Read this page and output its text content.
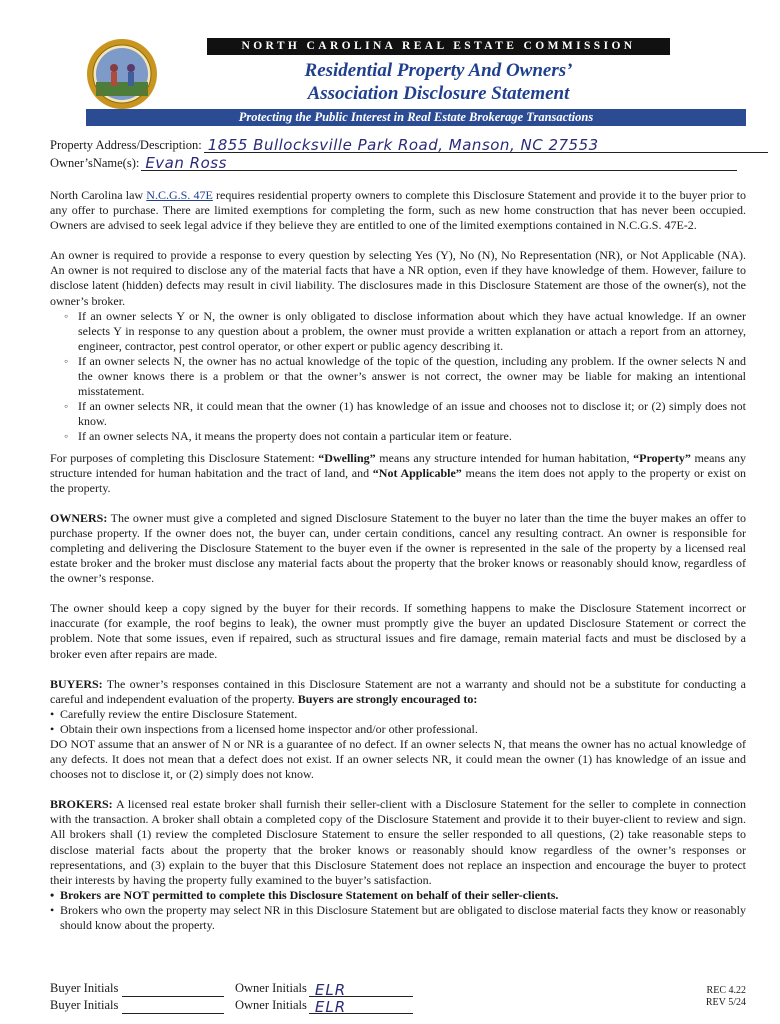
NORTH CAROLINA REAL ESTATE COMMISSION
Residential Property And Owners’
Association Disclosure Statement
Protecting the Public Interest in Real Estate Brokerage Transactions
Property Address/Description: 1855 Bullocksville Park Road, Manson, NC 27553
Owner’sName(s): Evan Ross

North Carolina law N.C.G.S. 47E requires residential property owners to complete this Disclosure Statement and provide it to the buyer prior to any offer to purchase. There are limited exemptions for completing the form, such as new home construction that has never been occupied. Owners are advised to seek legal advice if they believe they are entitled to one of the limited exemptions contained in N.C.G.S. 47E-2.

An owner is required to provide a response to every question by selecting Yes (Y), No (N), No Representation (NR), or Not Applicable (NA). An owner is not required to disclose any of the material facts that have a NR option, even if they have knowledge of them. However, failure to disclose latent (hidden) defects may result in civil liability. The disclosures made in this Disclosure Statement are those of the owner(s), not the owner’s broker.

◦ If an owner selects Y or N, the owner is only obligated to disclose information about which they have actual knowledge. If an owner selects Y in response to any question about a problem, the owner must provide a written explanation or attach a report from an attorney, engineer, contractor, pest control operator, or other expert or public agency describing it.
◦ If an owner selects N, the owner has no actual knowledge of the topic of the question, including any problem. If the owner selects N and the owner knows there is a problem or that the owner’s answer is not correct, the owner may be liable for making an intentional misstatement.
◦ If an owner selects NR, it could mean that the owner (1) has knowledge of an issue and chooses not to disclose it; or (2) simply does not know.
◦ If an owner selects NA, it means the property does not contain a particular item or feature.

For purposes of completing this Disclosure Statement: “Dwelling” means any structure intended for human habitation, “Property” means any structure intended for human habitation and the tract of land, and “Not Applicable” means the item does not apply to the property or exist on the property.

OWNERS: The owner must give a completed and signed Disclosure Statement to the buyer no later than the time the buyer makes an offer to purchase property. If the owner does not, the buyer can, under certain conditions, cancel any resulting contract. An owner is responsible for completing and delivering the Disclosure Statement to the buyer even if the owner is represented in the sale of the property by a licensed real estate broker and the broker must disclose any material facts about the property that the broker knows or reasonably should know, regardless of the owner’s response.

The owner should keep a copy signed by the buyer for their records. If something happens to make the Disclosure Statement incorrect or inaccurate (for example, the roof begins to leak), the owner must promptly give the buyer an updated Disclosure Statement or correct the problem. Note that some issues, even if repaired, such as structural issues and fire damage, remain material facts and must be disclosed by a broker even after repairs are made.

BUYERS: The owner’s responses contained in this Disclosure Statement are not a warranty and should not be a substitute for conducting a careful and independent evaluation of the property. Buyers are strongly encouraged to:

• Carefully review the entire Disclosure Statement.
• Obtain their own inspections from a licensed home inspector and/or other professional.

DO NOT assume that an answer of N or NR is a guarantee of no defect. If an owner selects N, that means the owner has no actual knowledge of any defects. It does not mean that a defect does not exist. If an owner selects NR, it could mean the owner (1) has knowledge of an issue and chooses not to disclose it, or (2) simply does not know.

BROKERS: A licensed real estate broker shall furnish their seller-client with a Disclosure Statement for the seller to complete in connection with the transaction. A broker shall obtain a completed copy of the Disclosure Statement and provide it to their buyer-client to review and sign. All brokers shall (1) review the completed Disclosure Statement to ensure the seller responded to all questions, (2) take reasonable steps to disclose material facts about the property that the broker knows or reasonably should know regardless of the owner’s responses or representations, and (3) explain to the buyer that this Disclosure Statement does not replace an inspection and encourage the buyer to protect their interests by having the property fully examined to the buyer’s satisfaction.

• Brokers are NOT permitted to complete this Disclosure Statement on behalf of their seller-clients.
• Brokers who own the property may select NR in this Disclosure Statement but are obligated to disclose material facts they know or reasonably should know about the property.
Buyer Initials
Buyer Initials
Owner Initials ELR
Owner Initials ELR
REC 4.22
REV 5/24
